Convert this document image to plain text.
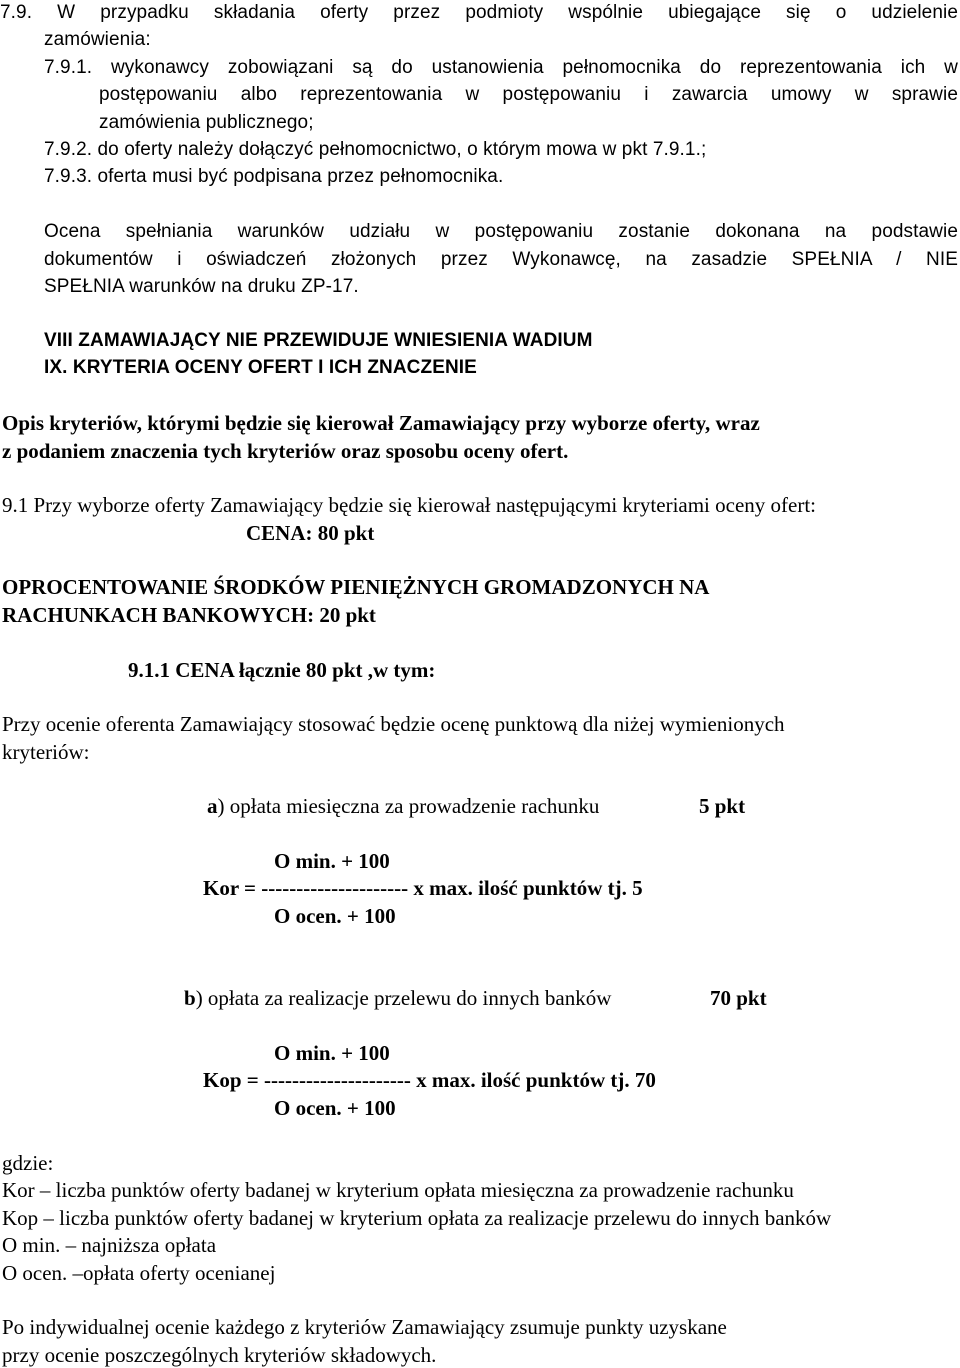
7.9. W przypadku składania oferty przez podmioty wspólnie ubiegające się o udzielenie
zamówienia:
7.9.1. wykonawcy zobowiązani są do ustanowienia pełnomocnika do reprezentowania ich w
postępowaniu albo reprezentowania w postępowaniu i zawarcia umowy w sprawie
zamówienia publicznego;
7.9.2. do oferty należy dołączyć pełnomocnictwo, o którym mowa w pkt 7.9.1.;
7.9.3. oferta musi być podpisana przez pełnomocnika.
Ocena spełniania warunków udziału w postępowaniu zostanie dokonana na podstawie
dokumentów i oświadczeń złożonych przez Wykonawcę, na zasadzie SPEŁNIA / NIE
SPEŁNIA warunków na druku ZP-17.
VIII ZAMAWIAJĄCY NIE PRZEWIDUJE WNIESIENIA WADIUM
IX. KRYTERIA OCENY OFERT I ICH ZNACZENIE
Opis kryteriów, którymi będzie się kierował Zamawiający przy wyborze oferty, wraz
z podaniem znaczenia tych kryteriów oraz sposobu oceny ofert.
9.1 Przy wyborze oferty Zamawiający będzie się kierował następującymi kryteriami oceny ofert:
CENA: 80 pkt
OPROCENTOWANIE ŚRODKÓW PIENIĘŻNYCH GROMADZONYCH NA
RACHUNKACH BANKOWYCH: 20 pkt
9.1.1 CENA łącznie 80 pkt ,w tym:
Przy ocenie oferenta Zamawiający stosować będzie ocenę punktową dla niżej wymienionych
kryteriów:
a) opłata miesięczna za prowadzenie rachunku	5 pkt
O min. + 100
Kor = --------------------- x max. ilość punktów tj. 5
O ocen. + 100
b) opłata za realizacje przelewu do innych banków	70 pkt
O min. + 100
Kop = --------------------- x max. ilość punktów tj. 70
O ocen. + 100
gdzie:
Kor – liczba punktów oferty badanej w kryterium opłata miesięczna za prowadzenie rachunku
Kop – liczba punktów oferty badanej w kryterium opłata za realizacje przelewu do innych banków
O min. – najniższa opłata
O ocen. –opłata oferty ocenianej
Po indywidualnej ocenie każdego z kryteriów Zamawiający zsumuje punkty uzyskane
przy ocenie poszczególnych kryteriów składowych.
